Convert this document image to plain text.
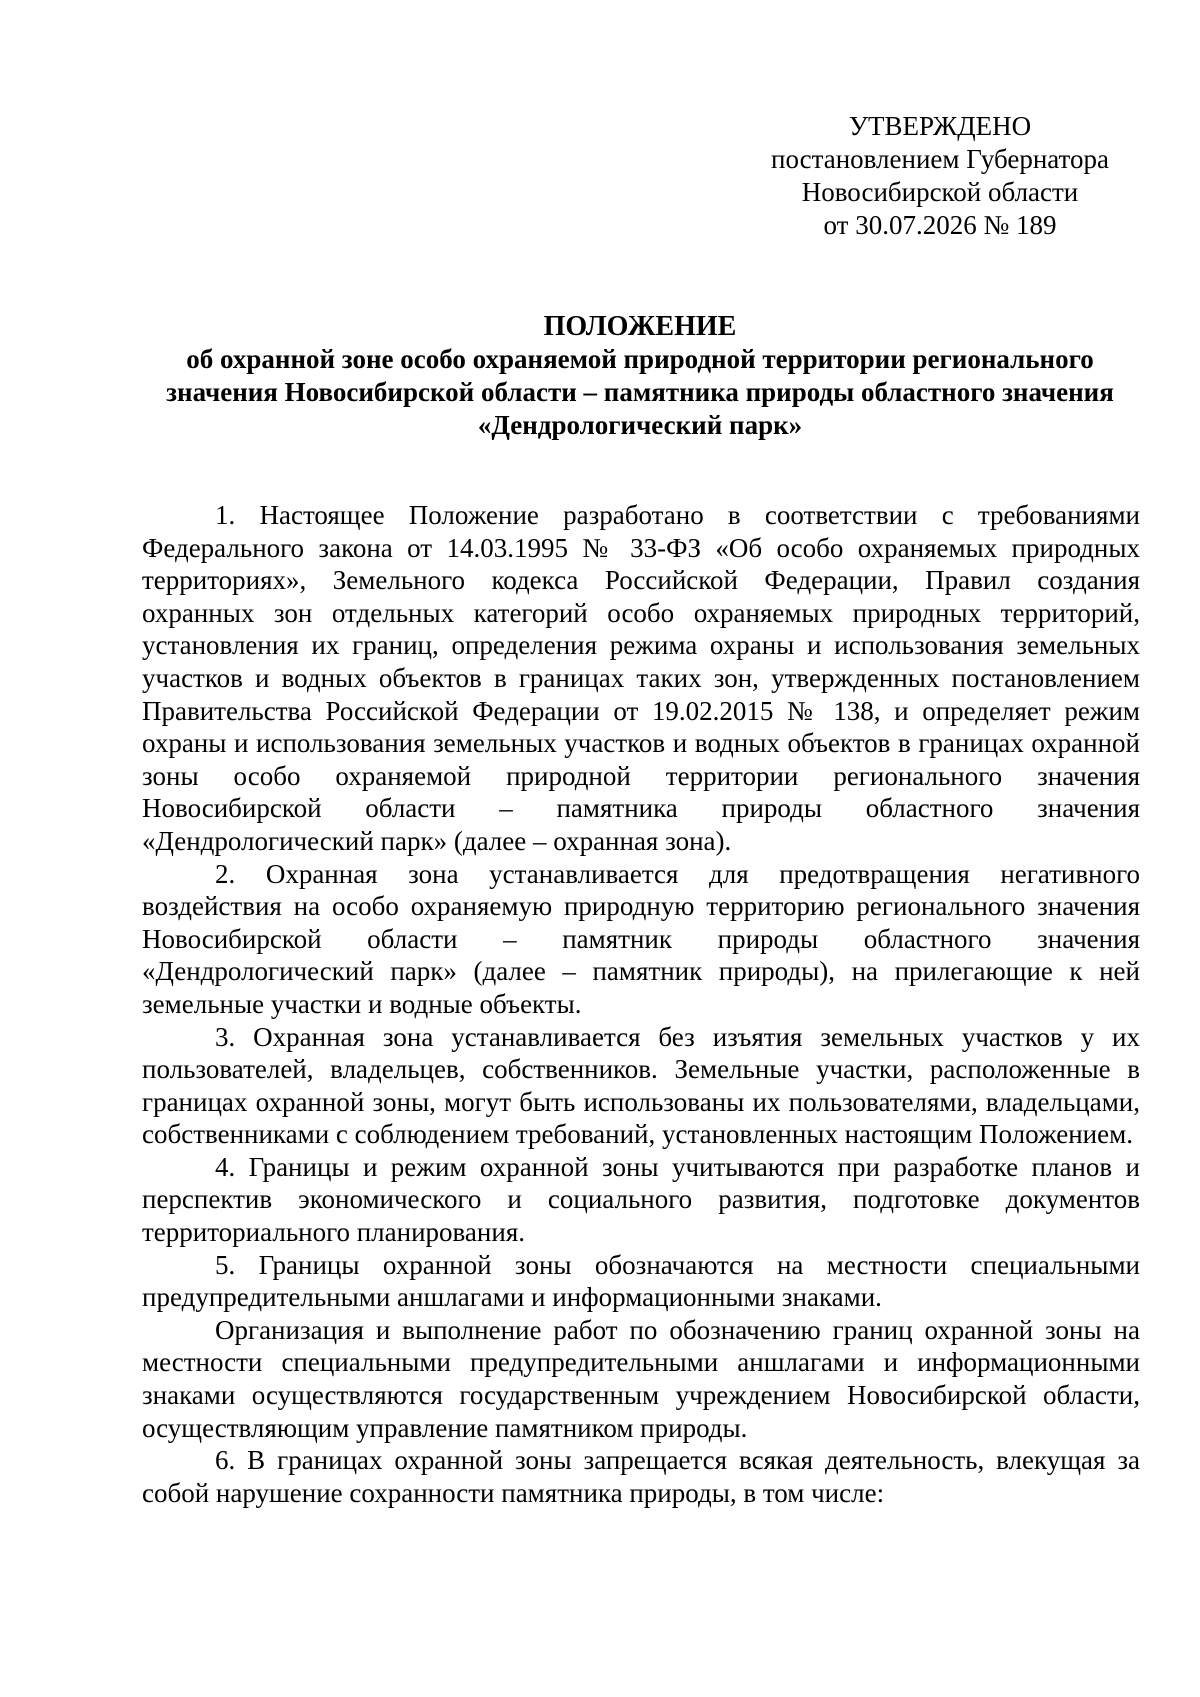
УТВЕРЖДЕНО
постановлением Губернатора
Новосибирской области
от 30.07.2026 № 189
ПОЛОЖЕНИЕ
об охранной зоне особо охраняемой природной территории регионального значения Новосибирской области – памятника природы областного значения «Дендрологический парк»

1. Настоящее Положение разработано в соответствии с требованиями Федерального закона от 14.03.1995 № 33-ФЗ «Об особо охраняемых природных территориях», Земельного кодекса Российской Федерации, Правил создания охранных зон отдельных категорий особо охраняемых природных территорий, установления их границ, определения режима охраны и использования земельных участков и водных объектов в границах таких зон, утвержденных постановлением Правительства Российской Федерации от 19.02.2015 № 138, и определяет режим охраны и использования земельных участков и водных объектов в границах охранной зоны особо охраняемой природной территории регионального значения Новосибирской области – памятника природы областного значения «Дендрологический парк» (далее – охранная зона).

2. Охранная зона устанавливается для предотвращения негативного воздействия на особо охраняемую природную территорию регионального значения Новосибирской области – памятник природы областного значения «Дендрологический парк» (далее – памятник природы), на прилегающие к ней земельные участки и водные объекты.

3. Охранная зона устанавливается без изъятия земельных участков у их пользователей, владельцев, собственников. Земельные участки, расположенные в границах охранной зоны, могут быть использованы их пользователями, владельцами, собственниками с соблюдением требований, установленных настоящим Положением.

4. Границы и режим охранной зоны учитываются при разработке планов и перспектив экономического и социального развития, подготовке документов территориального планирования.

5. Границы охранной зоны обозначаются на местности специальными предупредительными аншлагами и информационными знаками.

Организация и выполнение работ по обозначению границ охранной зоны на местности специальными предупредительными аншлагами и информационными знаками осуществляются государственным учреждением Новосибирской области, осуществляющим управление памятником природы.

6. В границах охранной зоны запрещается всякая деятельность, влекущая за собой нарушение сохранности памятника природы, в том числе:
